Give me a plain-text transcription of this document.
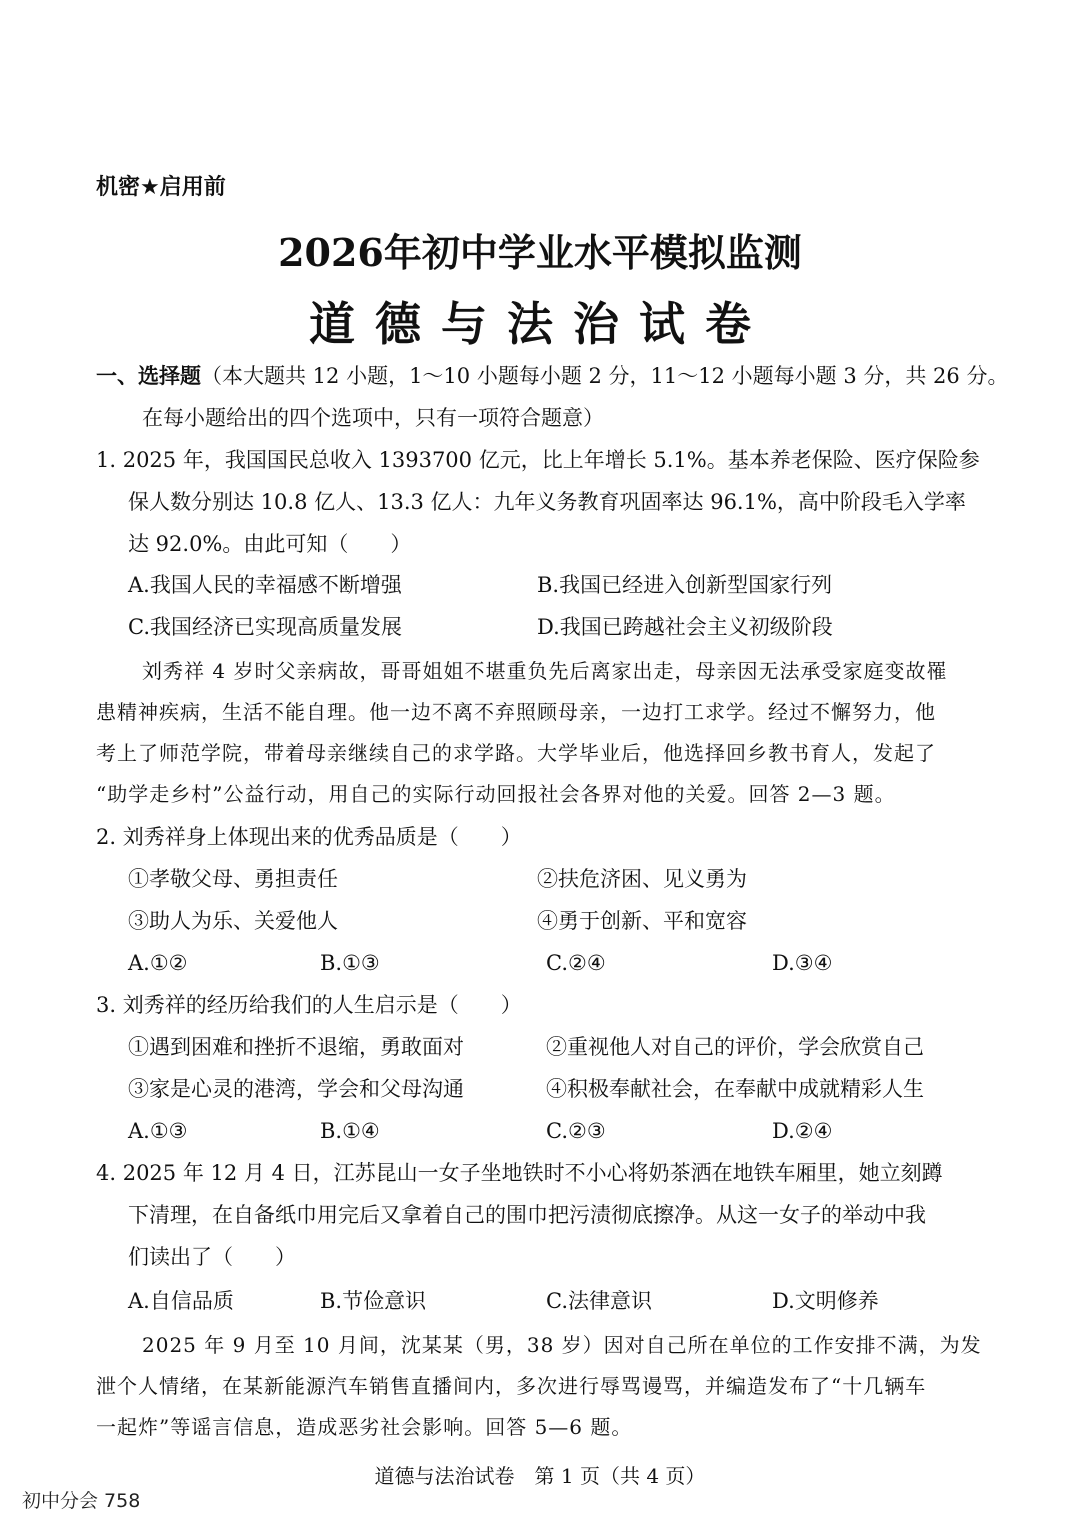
机密★启用前
2026年初中学业水平模拟监测
道德与法治试卷
一、选择题（本大题共 12 小题，1～10 小题每小题 2 分，11～12 小题每小题 3 分，共 26 分。
在每小题给出的四个选项中，只有一项符合题意）
1. 2025 年，我国国民总收入 1393700 亿元，比上年增长 5.1%。基本养老保险、医疗保险参
保人数分别达 10.8 亿人、13.3 亿人：九年义务教育巩固率达 96.1%，高中阶段毛入学率
达 92.0%。由此可知（　　）
A.我国人民的幸福感不断增强	B.我国已经进入创新型国家行列
C.我国经济已实现高质量发展	D.我国已跨越社会主义初级阶段
刘秀祥 4 岁时父亲病故，哥哥姐姐不堪重负先后离家出走，母亲因无法承受家庭变故罹
患精神疾病，生活不能自理。他一边不离不弃照顾母亲，一边打工求学。经过不懈努力，他
考上了师范学院，带着母亲继续自己的求学路。大学毕业后，他选择回乡教书育人，发起了
“助学走乡村”公益行动，用自己的实际行动回报社会各界对他的关爱。回答 2—3 题。
2. 刘秀祥身上体现出来的优秀品质是（　　）
①孝敬父母、勇担责任	②扶危济困、见义勇为
③助人为乐、关爱他人	④勇于创新、平和宽容
A.①②	B.①③	C.②④	D.③④
3. 刘秀祥的经历给我们的人生启示是（　　）
①遇到困难和挫折不退缩，勇敢面对	②重视他人对自己的评价，学会欣赏自己
③家是心灵的港湾，学会和父母沟通	④积极奉献社会，在奉献中成就精彩人生
A.①③	B.①④	C.②③	D.②④
4. 2025 年 12 月 4 日，江苏昆山一女子坐地铁时不小心将奶茶洒在地铁车厢里，她立刻蹲
下清理，在自备纸巾用完后又拿着自己的围巾把污渍彻底擦净。从这一女子的举动中我
们读出了（　　）
A.自信品质	B.节俭意识	C.法律意识	D.文明修养
2025 年 9 月至 10 月间，沈某某（男，38 岁）因对自己所在单位的工作安排不满，为发
泄个人情绪，在某新能源汽车销售直播间内，多次进行辱骂谩骂，并编造发布了“十几辆车
一起炸”等谣言信息，造成恶劣社会影响。回答 5—6 题。
道德与法治试卷　第 1 页（共 4 页）
初中分会 758
